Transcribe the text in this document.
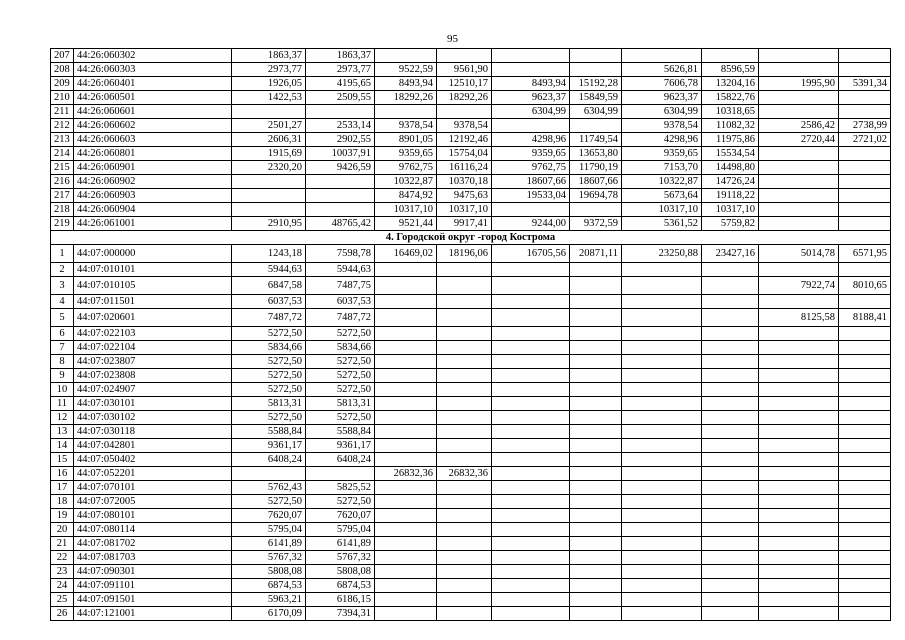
95
207	44:26:060302	1863,37	1863,37								
208	44:26:060303	2973,77	2973,77	9522,59	9561,90			5626,81	8596,59		
209	44:26:060401	1926,05	4195,65	8493,94	12510,17	8493,94	15192,28	7606,78	13204,16	1995,90	5391,34
210	44:26:060501	1422,53	2509,55	18292,26	18292,26	9623,37	15849,59	9623,37	15822,76		
211	44:26:060601					6304,99	6304,99	6304,99	10318,65		
212	44:26:060602	2501,27	2533,14	9378,54	9378,54			9378,54	11082,32	2586,42	2738,99
213	44:26:060603	2606,31	2902,55	8901,05	12192,46	4298,96	11749,54	4298,96	11975,86	2720,44	2721,02
214	44:26:060801	1915,69	10037,91	9359,65	15754,04	9359,65	13653,80	9359,65	15534,54		
215	44:26:060901	2320,20	9426,59	9762,75	16116,24	9762,75	11790,19	7153,70	14498,80		
216	44:26:060902			10322,87	10370,18	18607,66	18607,66	10322,87	14726,24		
217	44:26:060903			8474,92	9475,63	19533,04	19694,78	5673,64	19118,22		
218	44:26:060904			10317,10	10317,10			10317,10	10317,10		
219	44:26:061001	2910,95	48765,42	9521,44	9917,41	9244,00	9372,59	5361,52	5759,82		
4. Городской округ -город Кострома											
1	44:07:000000	1243,18	7598,78	16469,02	18196,06	16705,56	20871,11	23250,88	23427,16	5014,78	6571,95
2	44:07:010101	5944,63	5944,63								
3	44:07:010105	6847,58	7487,75							7922,74	8010,65
4	44:07:011501	6037,53	6037,53								
5	44:07:020601	7487,72	7487,72							8125,58	8188,41
6	44:07:022103	5272,50	5272,50								
7	44:07:022104	5834,66	5834,66								
8	44:07:023807	5272,50	5272,50								
9	44:07:023808	5272,50	5272,50								
10	44:07:024907	5272,50	5272,50								
11	44:07:030101	5813,31	5813,31								
12	44:07:030102	5272,50	5272,50								
13	44:07:030118	5588,84	5588,84								
14	44:07:042801	9361,17	9361,17								
15	44:07:050402	6408,24	6408,24								
16	44:07:052201			26832,36	26832,36						
17	44:07:070101	5762,43	5825,52								
18	44:07:072005	5272,50	5272,50								
19	44:07:080101	7620,07	7620,07								
20	44:07:080114	5795,04	5795,04								
21	44:07:081702	6141,89	6141,89								
22	44:07:081703	5767,32	5767,32								
23	44:07:090301	5808,08	5808,08								
24	44:07:091101	6874,53	6874,53								
25	44:07:091501	5963,21	6186,15								
26	44:07:121001	6170,09	7394,31								
